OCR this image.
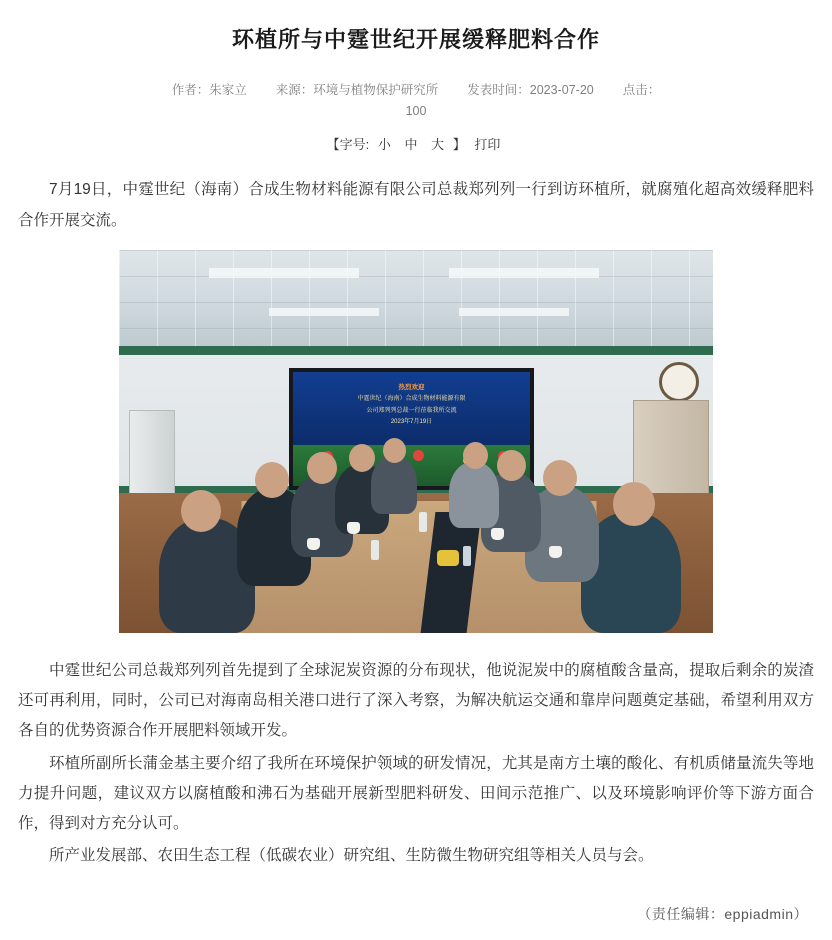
环植所与中霆世纪开展缓释肥料合作
作者：朱家立 来源：环境与植物保护研究所 发表时间：2023-07-20 点击：
100
【字号: 小 中 大 】 打印

7月19日，中霆世纪（海南）合成生物材料能源有限公司总裁郑列列一行到访环植所，就腐殖化超高效缓释肥料合作开展交流。

热烈欢迎
中霆世纪（海南）合成生物材料能源有限
公司郑列列总裁一行莅临我所交流
2023年7月19日

中霆世纪公司总裁郑列列首先提到了全球泥炭资源的分布现状，他说泥炭中的腐植酸含量高，提取后剩余的炭渣还可再利用，同时，公司已对海南岛相关港口进行了深入考察，为解决航运交通和靠岸问题奠定基础，希望利用双方各自的优势资源合作开展肥料领域开发。

环植所副所长蒲金基主要介绍了我所在环境保护领域的研发情况，尤其是南方土壤的酸化、有机质储量流失等地力提升问题，建议双方以腐植酸和沸石为基础开展新型肥料研发、田间示范推广、以及环境影响评价等下游方面合作，得到对方充分认可。

所产业发展部、农田生态工程（低碳农业）研究组、生防微生物研究组等相关人员与会。

（责任编辑：eppiadmin）
